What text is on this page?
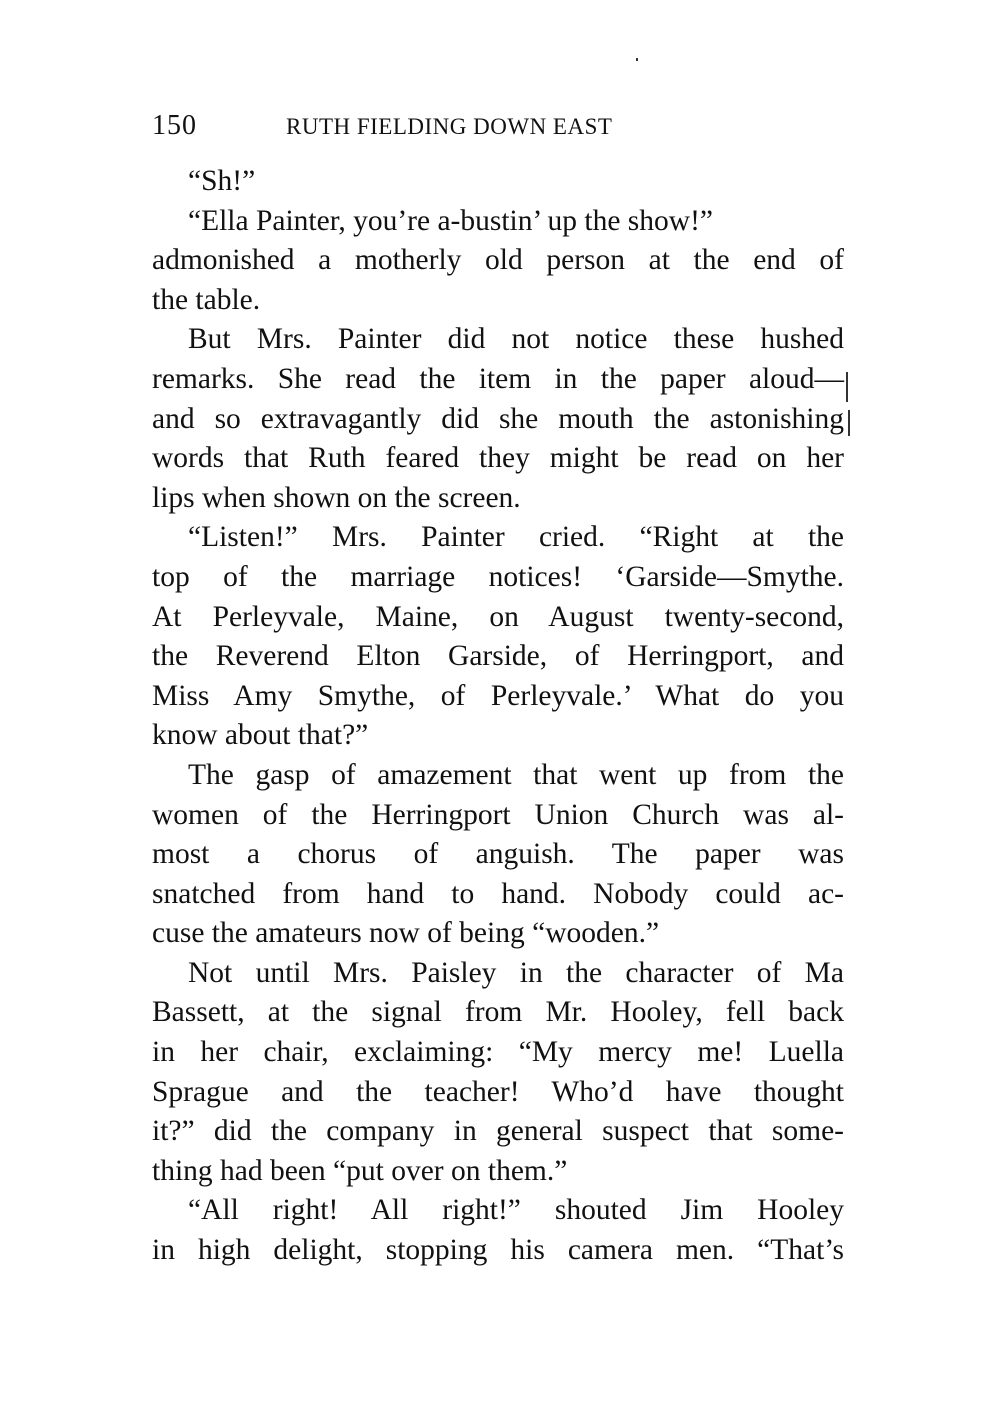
150	RUTH FIELDING DOWN EAST
“Sh!”
“Ella Painter, you’re a-bustin’ up the show!”
admonished a motherly old person at the end of
the table.
But Mrs. Painter did not notice these hushed
remarks. She read the item in the paper aloud—
and so extravagantly did she mouth the astonishing
words that Ruth feared they might be read on her
lips when shown on the screen.
“Listen!” Mrs. Painter cried. “Right at the
top of the marriage notices! ‘Garside—Smythe.
At Perleyvale, Maine, on August twenty-second,
the Reverend Elton Garside, of Herringport, and
Miss Amy Smythe, of Perleyvale.’ What do you
know about that?”
The gasp of amazement that went up from the
women of the Herringport Union Church was al-
most a chorus of anguish. The paper was
snatched from hand to hand. Nobody could ac-
cuse the amateurs now of being “wooden.”
Not until Mrs. Paisley in the character of Ma
Bassett, at the signal from Mr. Hooley, fell back
in her chair, exclaiming: “My mercy me! Luella
Sprague and the teacher! Who’d have thought
it?” did the company in general suspect that some-
thing had been “put over on them.”
“All right! All right!” shouted Jim Hooley
in high delight, stopping his camera men. “That’s
